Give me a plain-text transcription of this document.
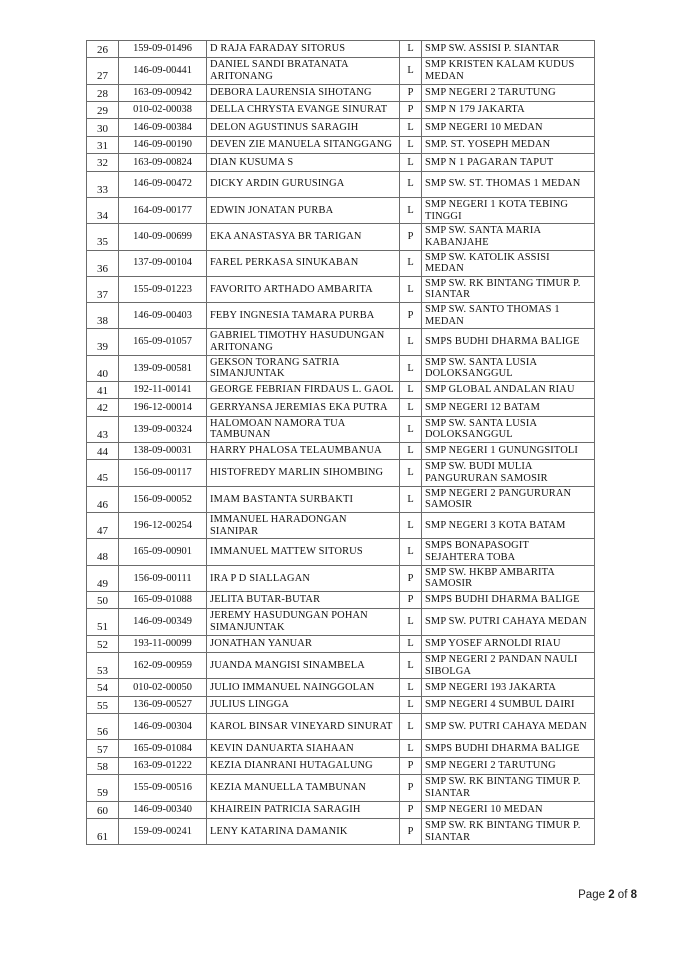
26	159-09-01496	D RAJA FARADAY SITORUS	L	SMP SW. ASSISI P. SIANTAR
27	146-09-00441	DANIEL SANDI BRATANATA ARITONANG	L	SMP KRISTEN KALAM KUDUS MEDAN
28	163-09-00942	DEBORA LAURENSIA SIHOTANG	P	SMP NEGERI 2 TARUTUNG
29	010-02-00038	DELLA CHRYSTA EVANGE SINURAT	P	SMP N 179 JAKARTA
30	146-09-00384	DELON AGUSTINUS SARAGIH	L	SMP NEGERI 10 MEDAN
31	146-09-00190	DEVEN ZIE MANUELA SITANGGANG	L	SMP. ST. YOSEPH MEDAN
32	163-09-00824	DIAN KUSUMA S	L	SMP N 1 PAGARAN TAPUT
33	146-09-00472	DICKY ARDIN GURUSINGA	L	SMP SW. ST. THOMAS 1 MEDAN
34	164-09-00177	EDWIN JONATAN PURBA	L	SMP NEGERI 1 KOTA TEBING TINGGI
35	140-09-00699	EKA ANASTASYA BR TARIGAN	P	SMP SW. SANTA MARIA KABANJAHE
36	137-09-00104	FAREL PERKASA SINUKABAN	L	SMP SW. KATOLIK ASSISI MEDAN
37	155-09-01223	FAVORITO ARTHADO AMBARITA	L	SMP SW. RK BINTANG TIMUR P. SIANTAR
38	146-09-00403	FEBY INGNESIA TAMARA PURBA	P	SMP SW. SANTO THOMAS 1 MEDAN
39	165-09-01057	GABRIEL TIMOTHY HASUDUNGAN ARITONANG	L	SMPS BUDHI DHARMA BALIGE
40	139-09-00581	GEKSON TORANG SATRIA SIMANJUNTAK	L	SMP SW. SANTA LUSIA DOLOKSANGGUL
41	192-11-00141	GEORGE FEBRIAN FIRDAUS L. GAOL	L	SMP GLOBAL ANDALAN RIAU
42	196-12-00014	GERRYANSA JEREMIAS EKA PUTRA	L	SMP NEGERI 12 BATAM
43	139-09-00324	HALOMOAN NAMORA TUA TAMBUNAN	L	SMP SW. SANTA LUSIA DOLOKSANGGUL
44	138-09-00031	HARRY PHALOSA TELAUMBANUA	L	SMP NEGERI 1 GUNUNGSITOLI
45	156-09-00117	HISTOFREDY MARLIN SIHOMBING	L	SMP SW. BUDI MULIA PANGURURAN SAMOSIR
46	156-09-00052	IMAM BASTANTA SURBAKTI	L	SMP NEGERI 2 PANGURURAN SAMOSIR
47	196-12-00254	IMMANUEL HARADONGAN SIANIPAR	L	SMP NEGERI 3 KOTA BATAM
48	165-09-00901	IMMANUEL MATTEW SITORUS	L	SMPS BONAPASOGIT SEJAHTERA TOBA
49	156-09-00111	IRA P D SIALLAGAN	P	SMP SW. HKBP AMBARITA SAMOSIR
50	165-09-01088	JELITA BUTAR-BUTAR	P	SMPS BUDHI DHARMA BALIGE
51	146-09-00349	JEREMY HASUDUNGAN POHAN SIMANJUNTAK	L	SMP SW. PUTRI CAHAYA MEDAN
52	193-11-00099	JONATHAN YANUAR	L	SMP YOSEF ARNOLDI RIAU
53	162-09-00959	JUANDA MANGISI SINAMBELA	L	SMP NEGERI 2 PANDAN NAULI SIBOLGA
54	010-02-00050	JULIO IMMANUEL NAINGGOLAN	L	SMP NEGERI 193 JAKARTA
55	136-09-00527	JULIUS LINGGA	L	SMP NEGERI 4 SUMBUL DAIRI
56	146-09-00304	KAROL BINSAR VINEYARD SINURAT	L	SMP SW. PUTRI CAHAYA MEDAN
57	165-09-01084	KEVIN DANUARTA SIAHAAN	L	SMPS BUDHI DHARMA BALIGE
58	163-09-01222	KEZIA DIANRANI HUTAGALUNG	P	SMP NEGERI 2 TARUTUNG
59	155-09-00516	KEZIA MANUELLA TAMBUNAN	P	SMP SW. RK BINTANG TIMUR P. SIANTAR
60	146-09-00340	KHAIREIN PATRICIA SARAGIH	P	SMP NEGERI 10 MEDAN
61	159-09-00241	LENY KATARINA DAMANIK	P	SMP SW. RK BINTANG TIMUR P. SIANTAR
Page 2 of 8
